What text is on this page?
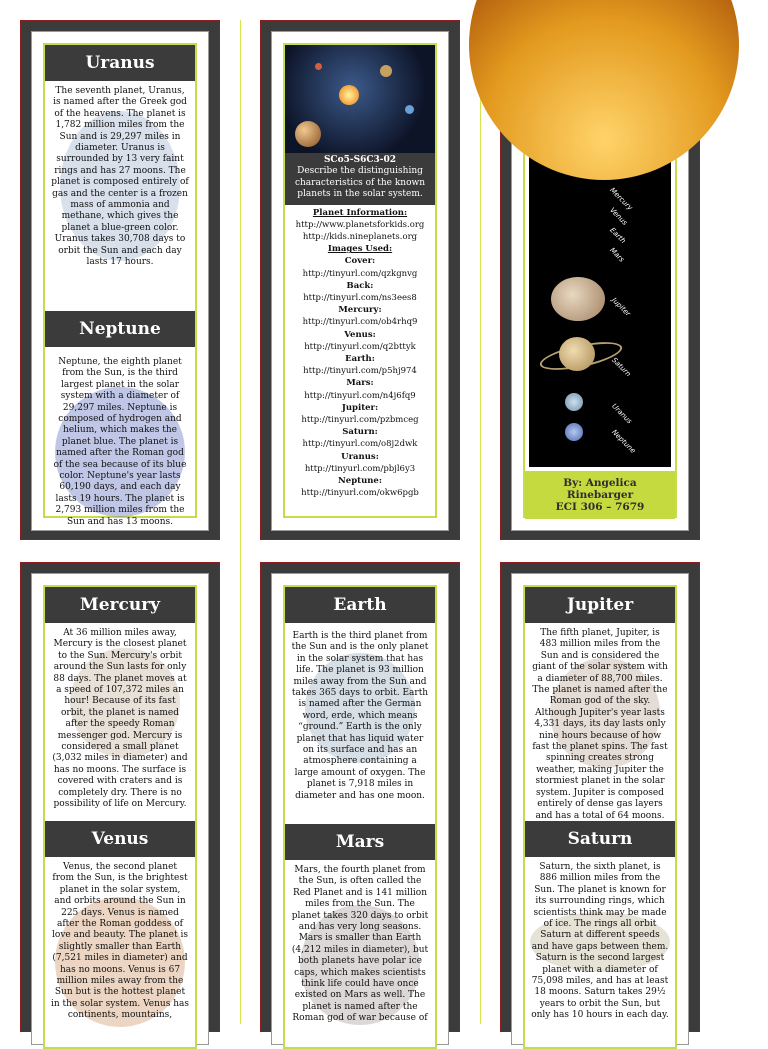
Uranus
The seventh planet, Uranus, is named after the Greek god of the heavens. The planet is 1,782 million miles from the Sun and is 29,297 miles in diameter. Uranus is surrounded by 13 very faint rings and has 27 moons. The planet is composed entirely of gas and the center is a frozen mass of ammonia and methane, which gives the planet a blue-green color. Uranus takes 30,708 days to orbit the Sun and each day lasts 17 hours.
Neptune
Neptune, the eighth planet from the Sun, is the third largest planet in the solar system with a diameter of 29,297 miles. Neptune is composed of hydrogen and helium, which makes the planet blue. The planet is named after the Roman god of the sea because of its blue color. Neptune's year lasts 60,190 days, and each day lasts 19 hours. The planet is 2,793 million miles from the Sun and has 13 moons.
SCo5-S6C3-02
Describe the distinguishing characteristics of the known planets in the solar system.
Planet Information:
http://www.planetsforkids.org
http://kids.nineplanets.org
Images Used:
Cover:
http://tinyurl.com/qzkgnvg
Back:
http://tinyurl.com/ns3ees8
Mercury:
http://tinyurl.com/ob4rhq9
Venus:
http://tinyurl.com/q2bttyk
Earth:
http://tinyurl.com/p5hj974
Mars:
http://tinyurl.com/n4j6fq9
Jupiter:
http://tinyurl.com/pzbmceg
Saturn:
http://tinyurl.com/o8j2dwk
Uranus:
http://tinyurl.com/pbjl6y3
Neptune:
http://tinyurl.com/okw6pgb
Mercury
Venus
Earth
Mars
Jupiter
Saturn
Uranus
Neptune
By: Angelica
Rinebarger
ECI 306 – 7679
Mercury
At 36 million miles away, Mercury is the closest planet to the Sun. Mercury's orbit around the Sun lasts for only 88 days. The planet moves at a speed of 107,372 miles an hour! Because of its fast orbit, the planet is named after the speedy Roman messenger god. Mercury is considered a small planet (3,032 miles in diameter) and has no moons. The surface is covered with craters and is completely dry. There is no possibility of life on Mercury.
Venus
Venus, the second planet from the Sun, is the brightest planet in the solar system, and orbits around the Sun in 225 days. Venus is named after the Roman goddess of love and beauty. The planet is slightly smaller than Earth (7,521 miles in diameter) and has no moons. Venus is 67 million miles away from the Sun but is the hottest planet in the solar system. Venus has continents, mountains,
Earth
Earth is the third planet from the Sun and is the only planet in the solar system that has life. The planet is 93 million miles away from the Sun and takes 365 days to orbit. Earth is named after the German word, erde, which means “ground.” Earth is the only planet that has liquid water on its surface and has an atmosphere containing a large amount of oxygen. The planet is 7,918 miles in diameter and has one moon.
Mars
Mars, the fourth planet from the Sun, is often called the Red Planet and is 141 million miles from the Sun. The planet takes 320 days to orbit and has very long seasons. Mars is smaller than Earth (4,212 miles in diameter), but both planets have polar ice caps, which makes scientists think life could have once existed on Mars as well. The planet is named after the Roman god of war because of
Jupiter
The fifth planet, Jupiter, is 483 million miles from the Sun and is considered the giant of the solar system with a diameter of 88,700 miles. The planet is named after the Roman god of the sky. Although Jupiter's year lasts 4,331 days, its day lasts only nine hours because of how fast the planet spins. The fast spinning creates strong weather, making Jupiter the stormiest planet in the solar system. Jupiter is composed entirely of dense gas layers and has a total of 64 moons.
Saturn
Saturn, the sixth planet, is 886 million miles from the Sun. The planet is known for its surrounding rings, which scientists think may be made of ice. The rings all orbit Saturn at different speeds and have gaps between them. Saturn is the second largest planet with a diameter of 75,098 miles, and has at least 18 moons. Saturn takes 29½ years to orbit the Sun, but only has 10 hours in each day.
